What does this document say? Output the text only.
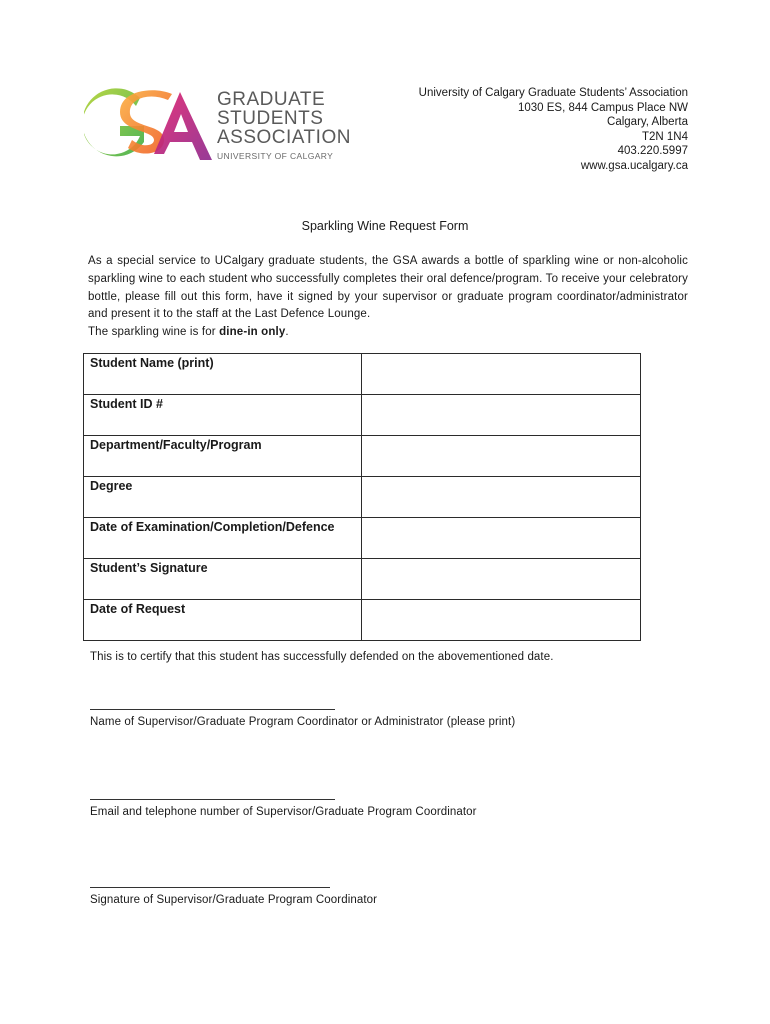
GRADUATE
STUDENTS
ASSOCIATION
UNIVERSITY OF CALGARY
University of Calgary Graduate Students’ Association
1030 ES, 844 Campus Place NW
Calgary, Alberta
T2N 1N4
403.220.5997
www.gsa.ucalgary.ca
Sparkling Wine Request Form

As a special service to UCalgary graduate students, the GSA awards a bottle of sparkling wine or non-alcoholic sparkling wine to each student who successfully completes their oral defence/program. To receive your celebratory bottle, please fill out this form, have it signed by your supervisor or graduate program coordinator/administrator and present it to the staff at the Last Defence Lounge.

The sparkling wine is for dine-in only.

Student Name (print)	
Student ID #	
Department/Faculty/Program	
Degree	
Date of Examination/Completion/Defence	
Student’s Signature	
Date of Request	
This is to certify that this student has successfully defended on the abovementioned date.
Name of Supervisor/Graduate Program Coordinator or Administrator (please print)
Email and telephone number of Supervisor/Graduate Program Coordinator
Signature of Supervisor/Graduate Program Coordinator
